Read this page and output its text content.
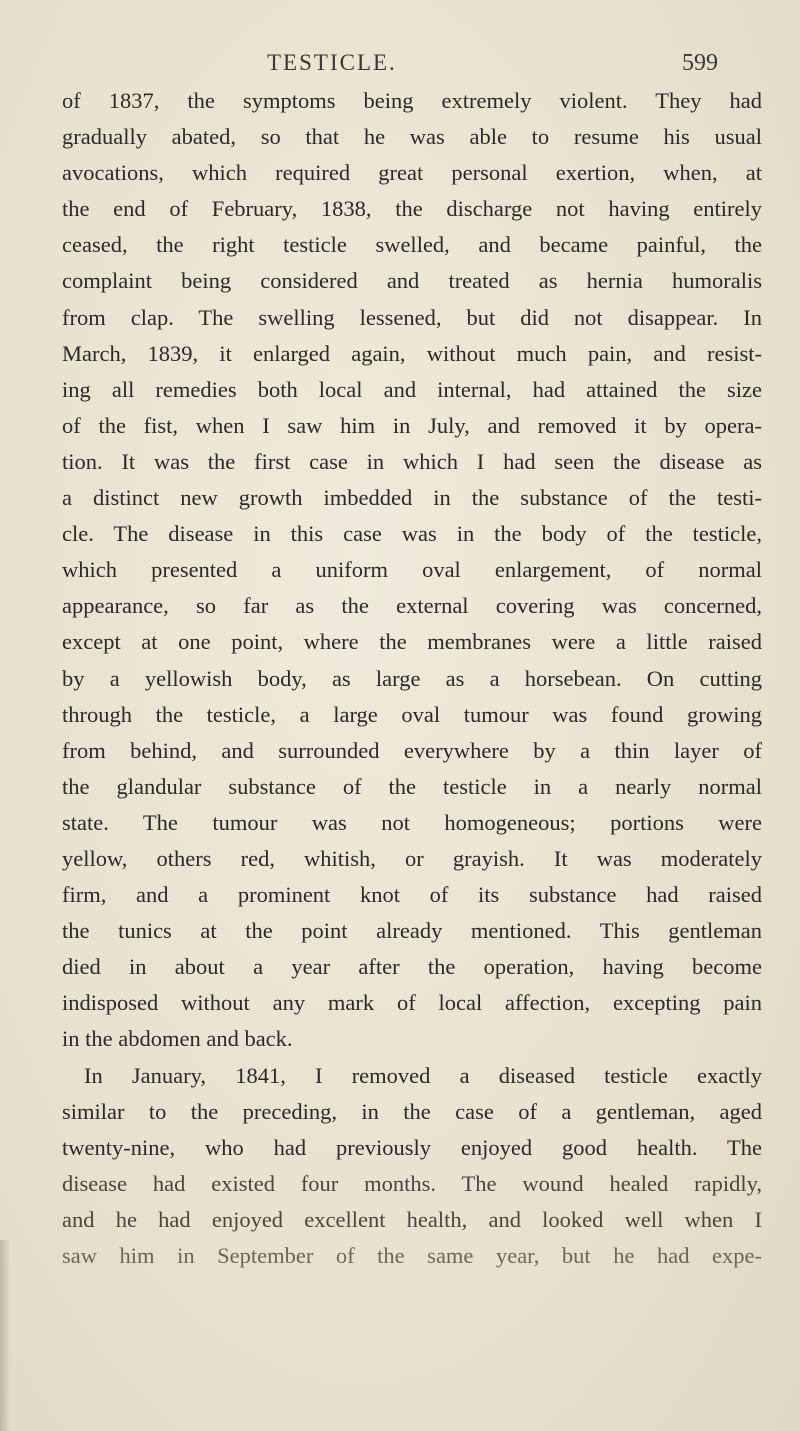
TESTICLE.	599
of 1837, the symptoms being extremely violent. They had
gradually abated, so that he was able to resume his usual
avocations, which required great personal exertion, when, at
the end of February, 1838, the discharge not having entirely
ceased, the right testicle swelled, and became painful, the
complaint being considered and treated as hernia humoralis
from clap. The swelling lessened, but did not disappear. In
March, 1839, it enlarged again, without much pain, and resist-
ing all remedies both local and internal, had attained the size
of the fist, when I saw him in July, and removed it by opera-
tion. It was the first case in which I had seen the disease as
a distinct new growth imbedded in the substance of the testi-
cle. The disease in this case was in the body of the testicle,
which presented a uniform oval enlargement, of normal
appearance, so far as the external covering was concerned,
except at one point, where the membranes were a little raised
by a yellowish body, as large as a horsebean. On cutting
through the testicle, a large oval tumour was found growing
from behind, and surrounded everywhere by a thin layer of
the glandular substance of the testicle in a nearly normal
state. The tumour was not homogeneous; portions were
yellow, others red, whitish, or grayish. It was moderately
firm, and a prominent knot of its substance had raised
the tunics at the point already mentioned. This gentleman
died in about a year after the operation, having become
indisposed without any mark of local affection, excepting pain
in the abdomen and back.
In January, 1841, I removed a diseased testicle exactly
similar to the preceding, in the case of a gentleman, aged
twenty-nine, who had previously enjoyed good health. The
disease had existed four months. The wound healed rapidly,
and he had enjoyed excellent health, and looked well when I
saw him in September of the same year, but he had expe-
